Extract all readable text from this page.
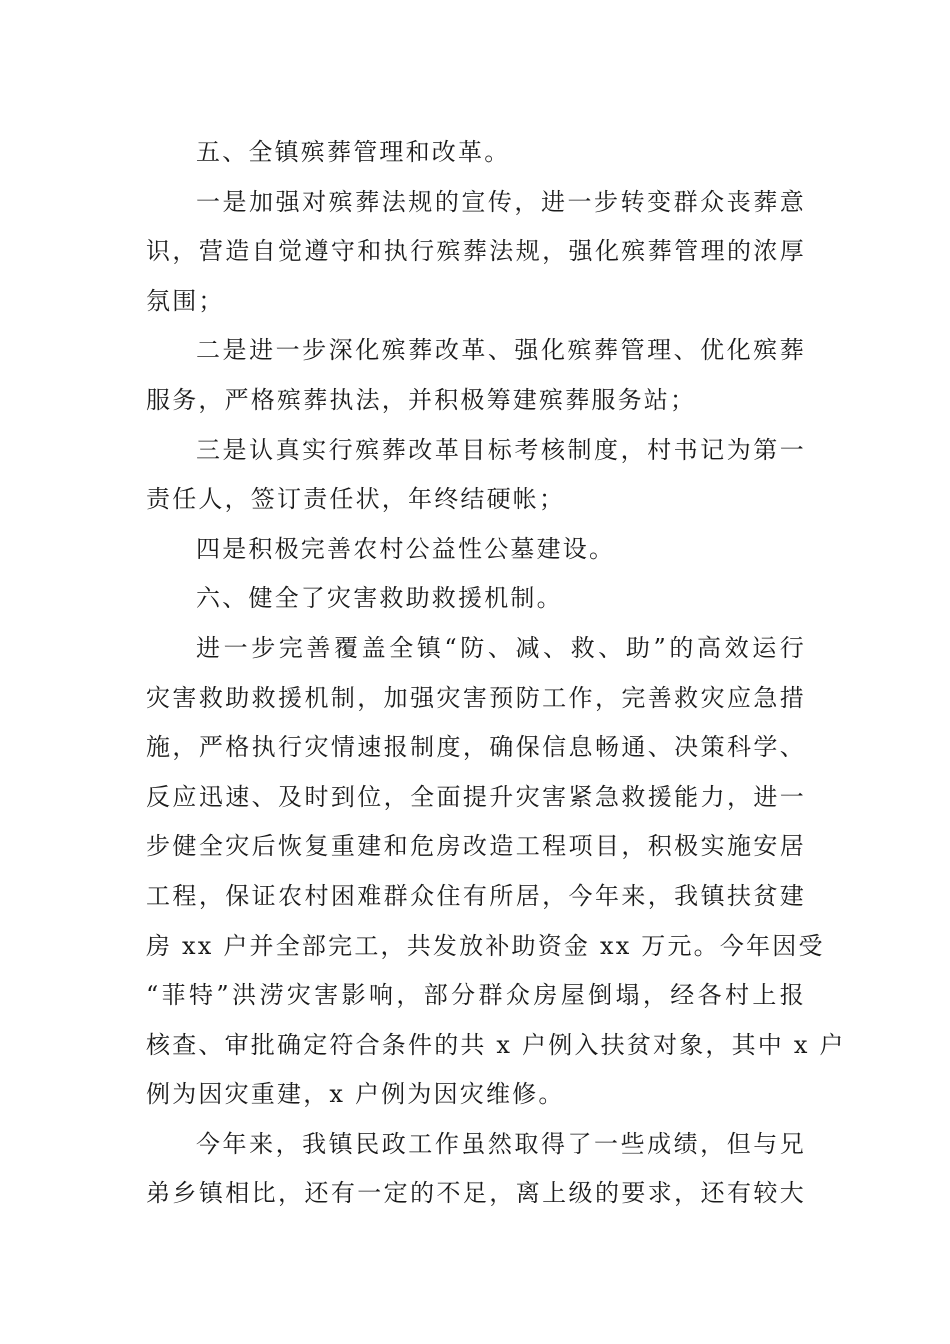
五、全镇殡葬管理和改革。
一是加强对殡葬法规的宣传，进一步转变群众丧葬意
识，营造自觉遵守和执行殡葬法规，强化殡葬管理的浓厚
氛围；
二是进一步深化殡葬改革、强化殡葬管理、优化殡葬
服务，严格殡葬执法，并积极筹建殡葬服务站；
三是认真实行殡葬改革目标考核制度，村书记为第一
责任人，签订责任状，年终结硬帐；
四是积极完善农村公益性公墓建设。
六、健全了灾害救助救援机制。
进一步完善覆盖全镇“防、减、救、助”的高效运行
灾害救助救援机制，加强灾害预防工作，完善救灾应急措
施，严格执行灾情速报制度，确保信息畅通、决策科学、
反应迅速、及时到位，全面提升灾害紧急救援能力，进一
步健全灾后恢复重建和危房改造工程项目，积极实施安居
工程，保证农村困难群众住有所居，今年来，我镇扶贫建
房 xx 户并全部完工，共发放补助资金 xx 万元。今年因受
“菲特”洪涝灾害影响，部分群众房屋倒塌，经各村上报
核查、审批确定符合条件的共 x 户例入扶贫对象，其中 x 户
例为因灾重建，x 户例为因灾维修。
今年来，我镇民政工作虽然取得了一些成绩，但与兄
弟乡镇相比，还有一定的不足，离上级的要求，还有较大
